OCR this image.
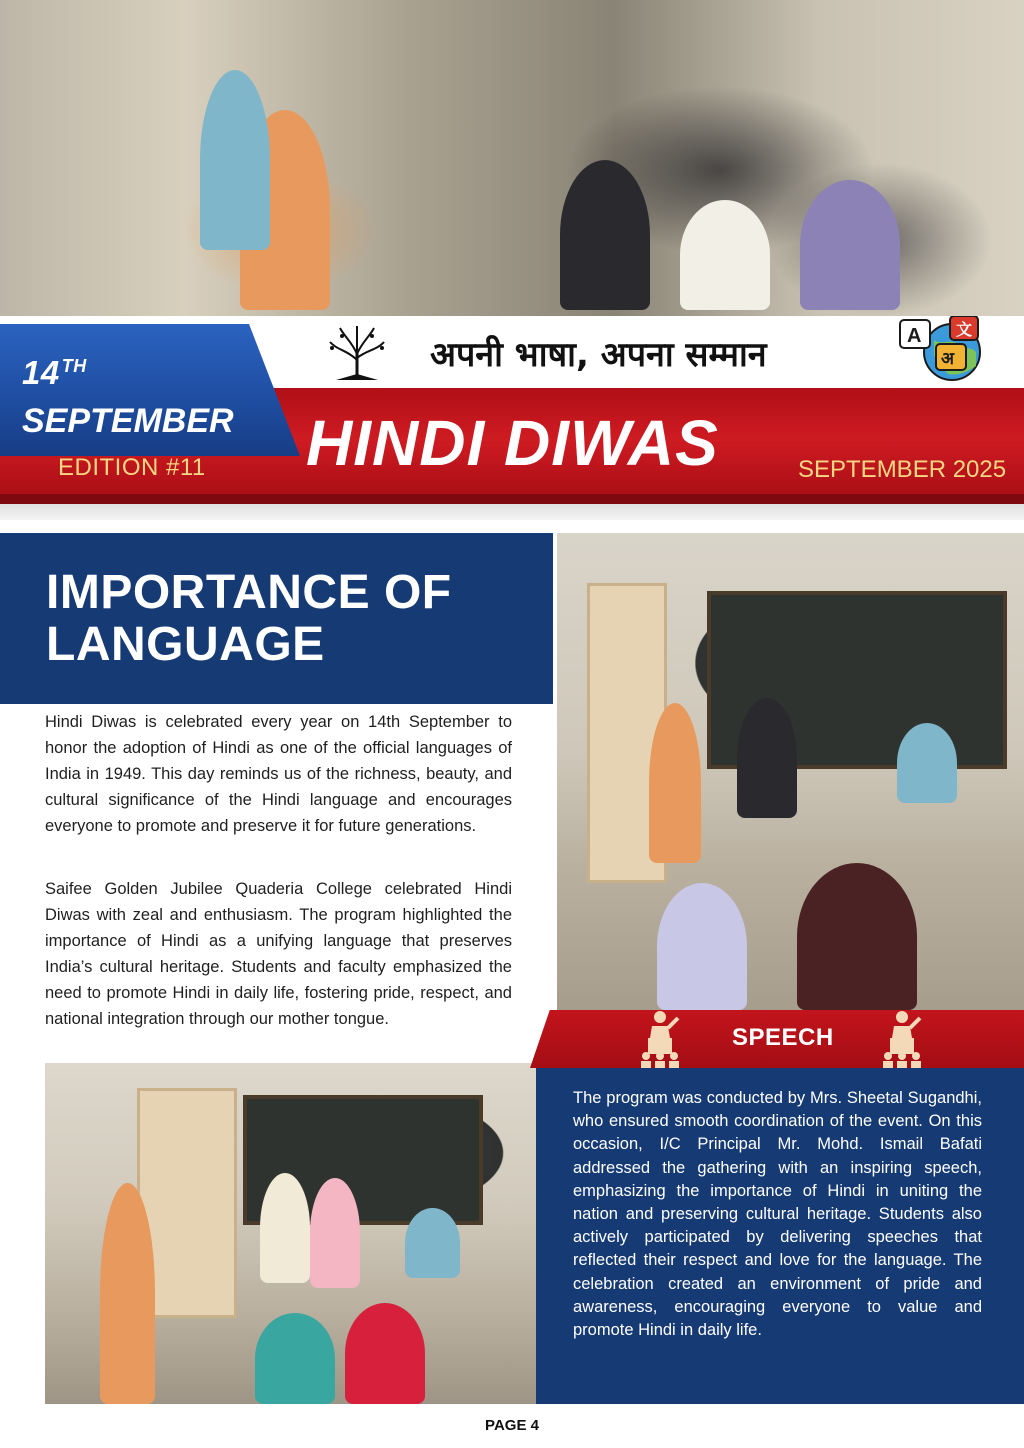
अपनी भाषा, अपना सम्मान	A 文
अ
14 $^{TH}$
SEPTEMBER
EDITION #11 HINDI DIWAS	SEPTEMBER 2025
IMPORTANCE OF LANGUAGE

Hindi Diwas is celebrated every year on 14th September to honor the adoption of Hindi as one of the official languages of India in 1949. This day reminds us of the richness, beauty, and cultural significance of the Hindi language and encourages everyone to promote and preserve it for future generations.

Saifee Golden Jubilee Quaderia College celebrated Hindi Diwas with zeal and enthusiasm. The program highlighted the importance of Hindi as a unifying language that preserves India’s cultural heritage. Students and faculty emphasized the need to promote Hindi in daily life, fostering pride, respect, and national integration through our mother tongue.

SPEECH

The program was conducted by Mrs. Sheetal Sugandhi, who ensured smooth coordination of the event. On this occasion, I/C Principal Mr. Mohd. Ismail Bafati addressed the gathering with an inspiring speech, emphasizing the importance of Hindi in uniting the nation and preserving cultural heritage. Students also actively participated by delivering speeches that reflected their respect and love for the language. The celebration created an environment of pride and awareness, encouraging everyone to value and promote Hindi in daily life.

PAGE 4
